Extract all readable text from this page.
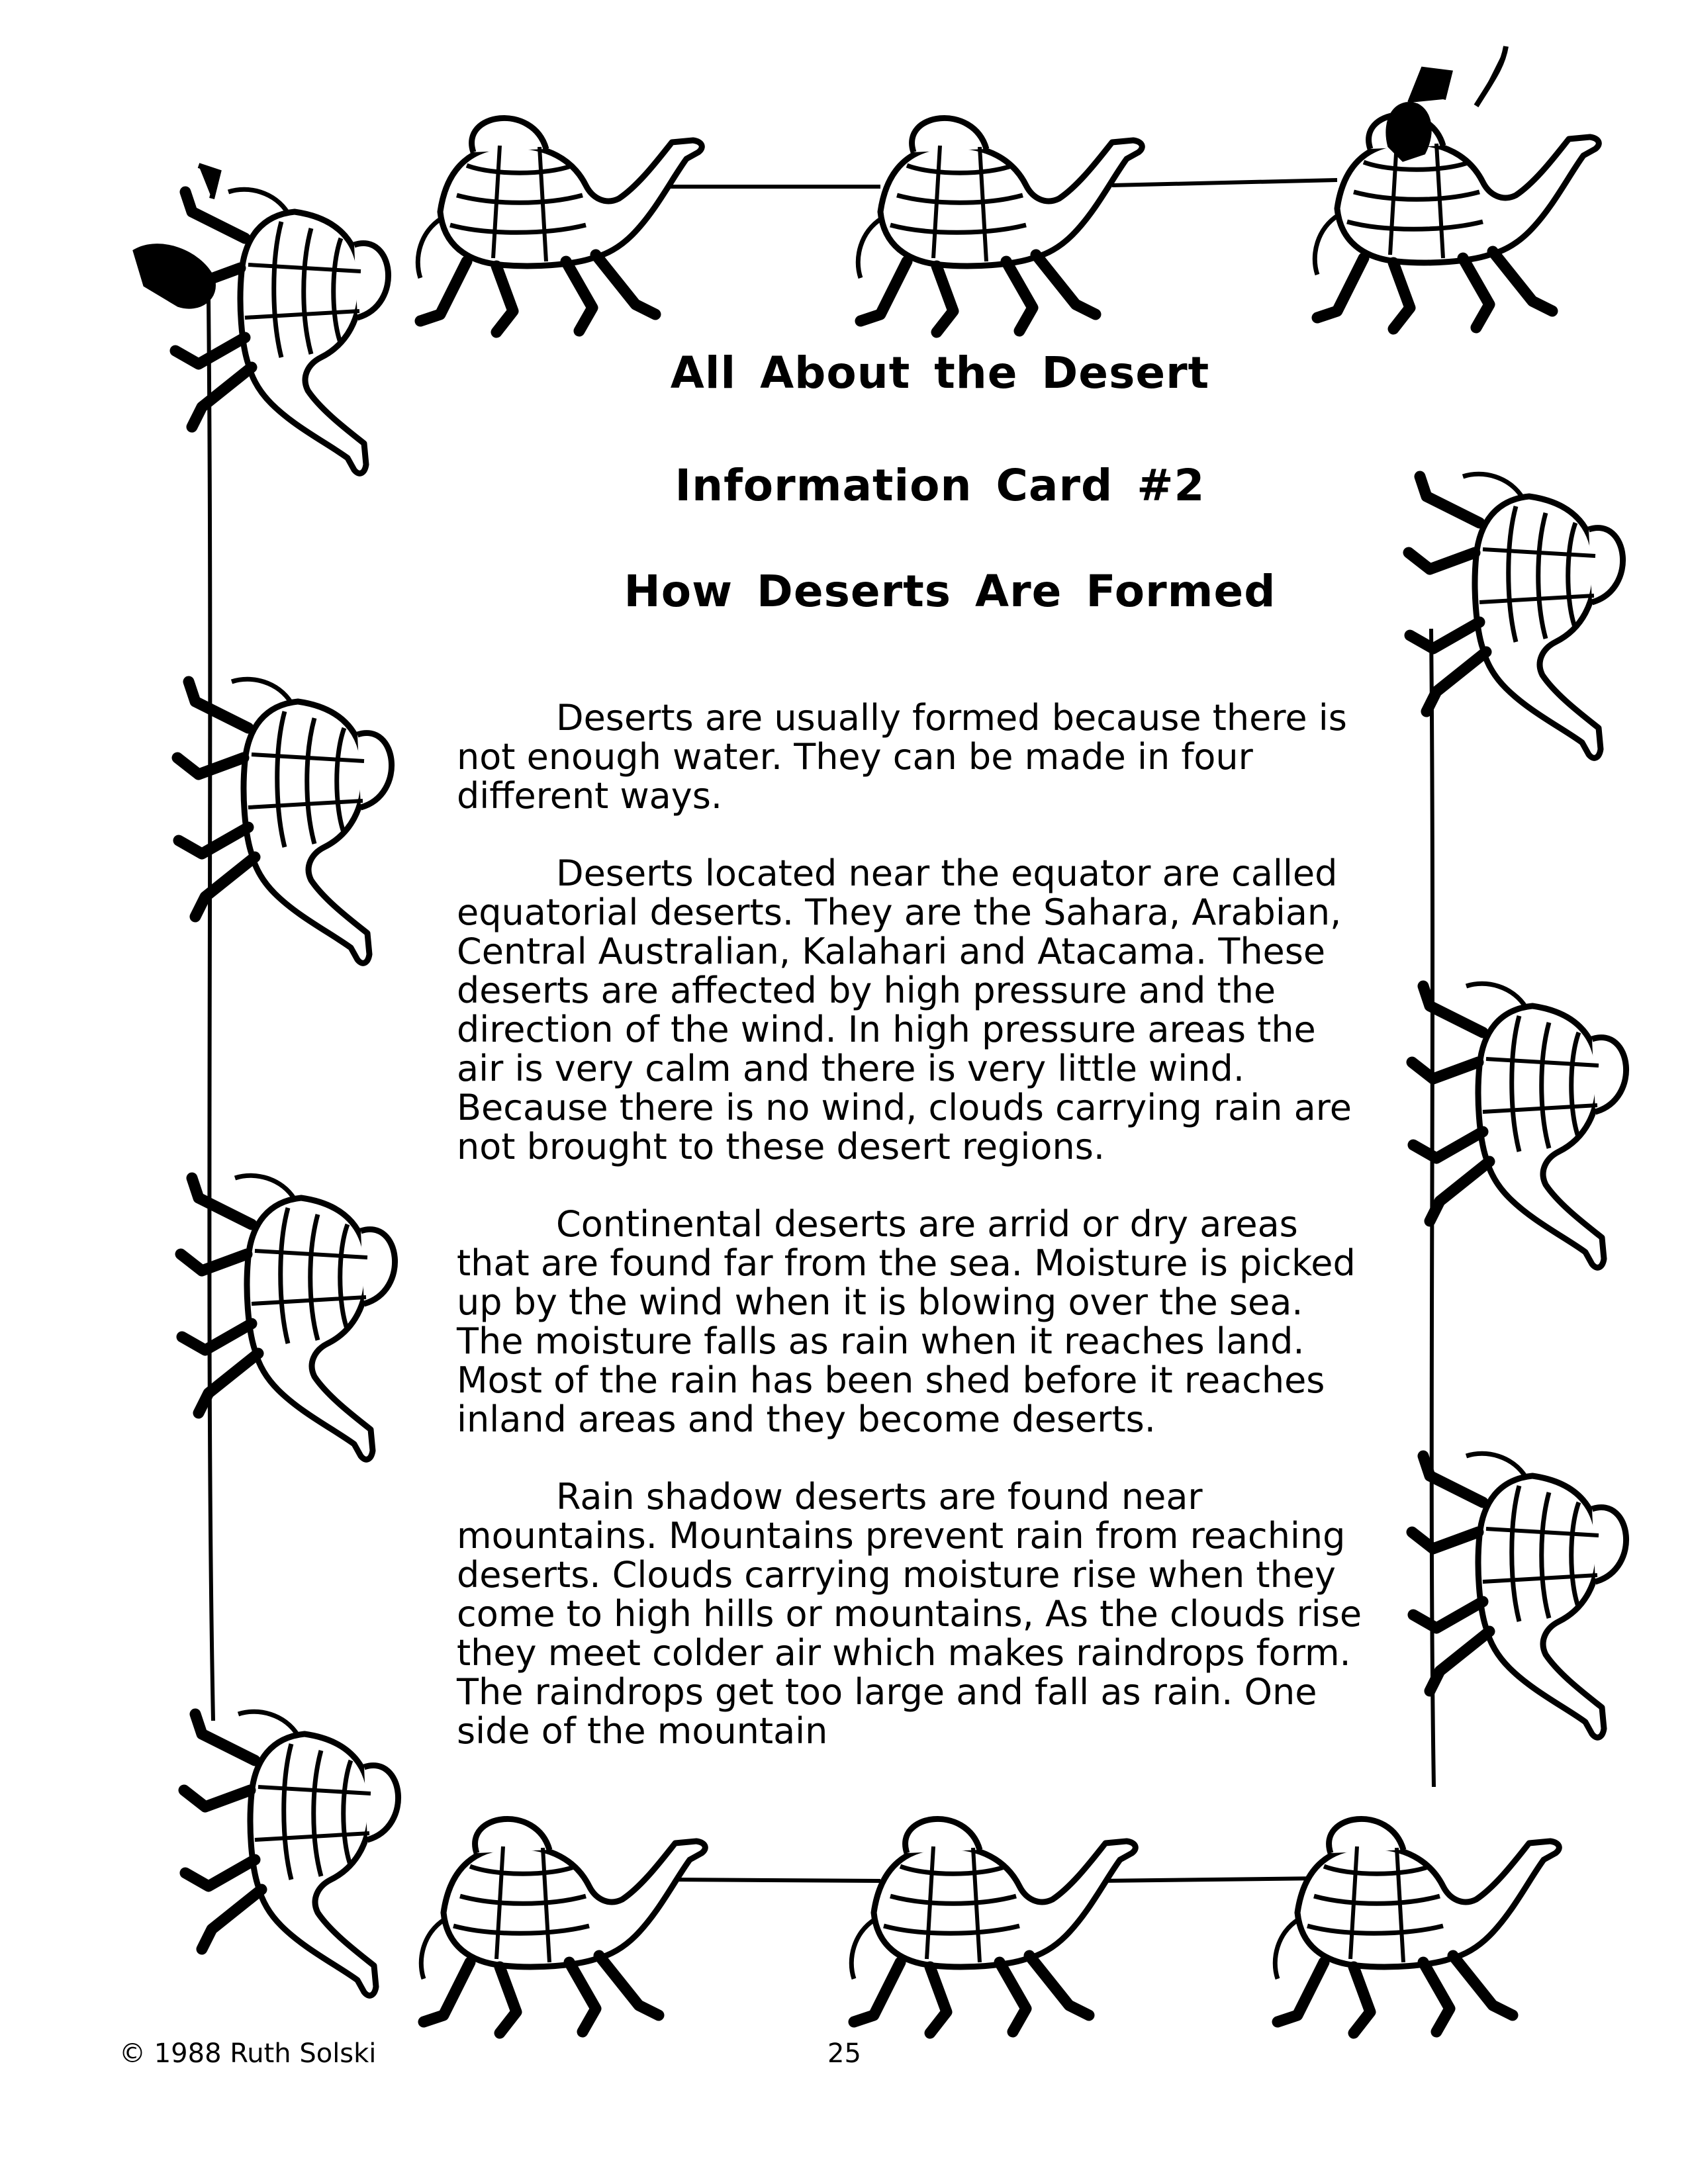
All About the Desert
Information Card #2
How Deserts Are Formed

Deserts are usually formed because there is not enough water. They can be made in four different ways.

Deserts located near the equator are called equatorial deserts. They are the Sahara, Arabian, Central Australian, Kalahari and Atacama. These deserts are affected by high pressure and the direction of the wind. In high pressure areas the air is very calm and there is very little wind. Because there is no wind, clouds carrying rain are not brought to these desert regions.

Continental deserts are arrid or dry areas that are found far from the sea. Moisture is picked up by the wind when it is blowing over the sea. The moisture falls as rain when it reaches land. Most of the rain has been shed before it reaches inland areas and they become deserts.

Rain shadow deserts are found near mountains. Mountains prevent rain from reaching deserts. Clouds carrying moisture rise when they come to high hills or mountains, As the clouds rise they meet colder air which makes raindrops form. The raindrops get too large and fall as rain. One side of the mountain

© 1988 Ruth Solski	25
